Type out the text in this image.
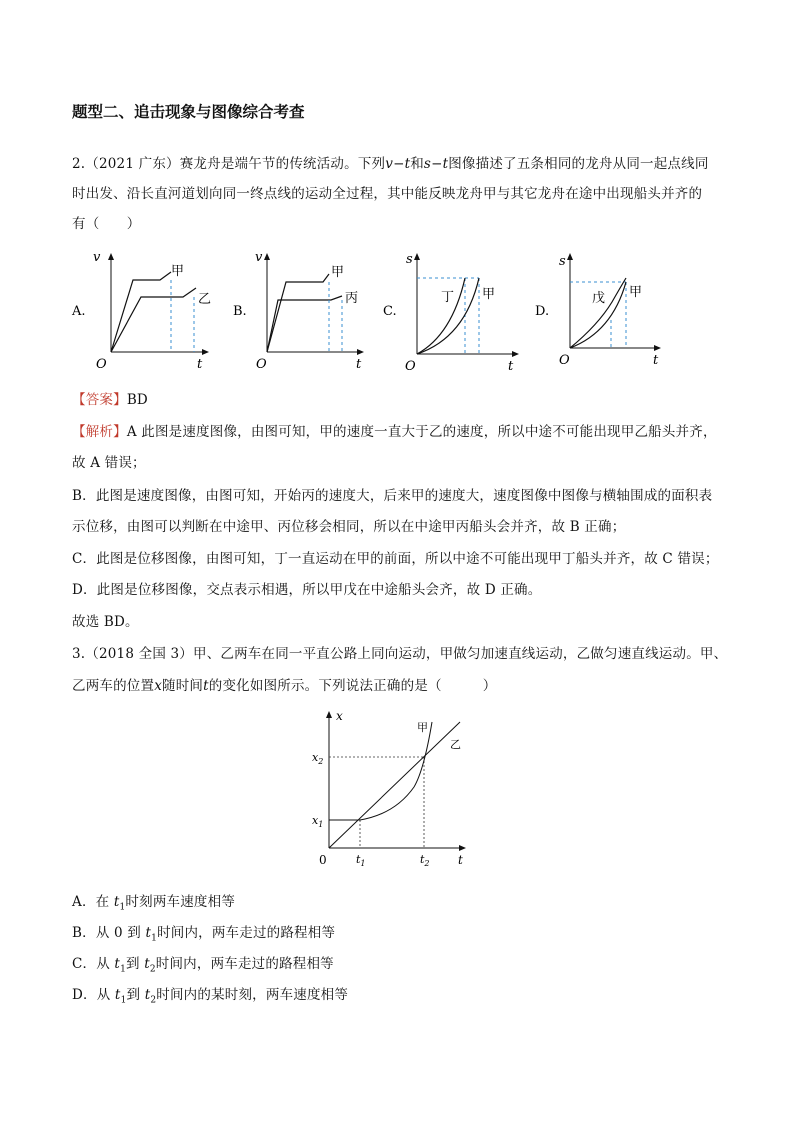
题型二、追击现象与图像综合考查
2.（2021 广东）赛龙舟是端午节的传统活动。下列v−t和s−t图像描述了五条相同的龙舟从同一起点线同
时出发、沿长直河道划向同一终点线的运动全过程，其中能反映龙舟甲与其它龙舟在途中出现船头并齐的
有（　　）
A.
v
t
O
甲
乙
B.
v
t
O
甲
丙
C.
s
t
O
丁 甲
D.
s
t
O
戊 甲
【答案】BD
【解析】A 此图是速度图像，由图可知，甲的速度一直大于乙的速度，所以中途不可能出现甲乙船头并齐，
故 A 错误；
B．此图是速度图像，由图可知，开始丙的速度大，后来甲的速度大，速度图像中图像与横轴围成的面积表
示位移，由图可以判断在中途甲、丙位移会相同，所以在中途甲丙船头会并齐，故 B 正确；
C．此图是位移图像，由图可知，丁一直运动在甲的前面，所以中途不可能出现甲丁船头并齐，故 C 错误；
D．此图是位移图像，交点表示相遇，所以甲戊在中途船头会齐，故 D 正确。
故选 BD。
3.（2018 全国 3）甲、乙两车在同一平直公路上同向运动，甲做匀加速直线运动，乙做匀速直线运动。甲、
乙两车的位置x随时间t的变化如图所示。下列说法正确的是（　　　）
x
t
0
$x_2$
$x_1$
$t_1$	$t_2$
甲
乙
A．在 $t_1$时刻两车速度相等
B．从 0 到 $t_1$时间内，两车走过的路程相等
C．从 $t_1$到 $t_2$时间内，两车走过的路程相等
D．从 $t_1$到 $t_2$时间内的某时刻，两车速度相等
